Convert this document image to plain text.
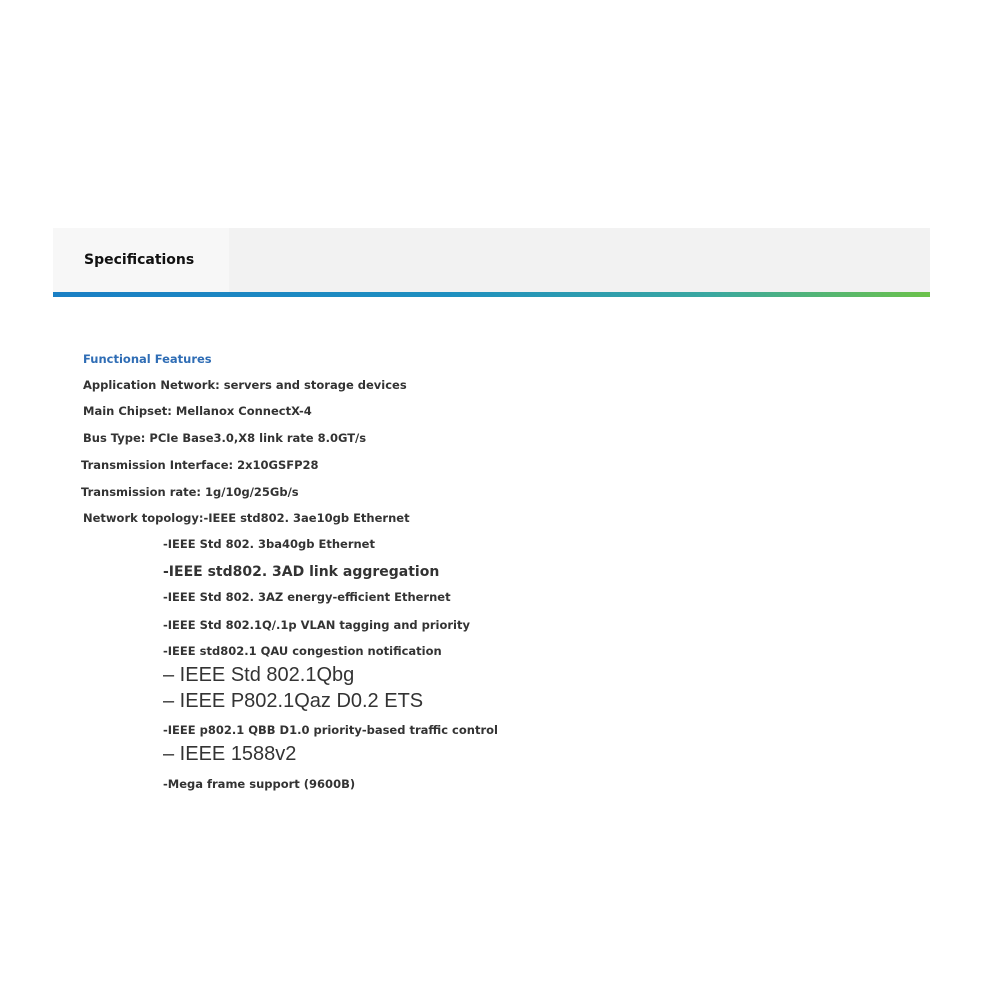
Specifications
Functional Features
Application Network: servers and storage devices
Main Chipset: Mellanox ConnectX-4
Bus Type: PCIe Base3.0,X8 link rate 8.0GT/s
Transmission Interface: 2x10GSFP28
Transmission rate: 1g/10g/25Gb/s
Network topology:-IEEE std802. 3ae10gb Ethernet
-IEEE Std 802. 3ba40gb Ethernet
-IEEE std802. 3AD link aggregation
-IEEE Std 802. 3AZ energy-efficient Ethernet
-IEEE Std 802.1Q/.1p VLAN tagging and priority
-IEEE std802.1 QAU congestion notification
– IEEE Std 802.1Qbg
– IEEE P802.1Qaz D0.2 ETS
-IEEE p802.1 QBB D1.0 priority-based traffic control
– IEEE 1588v2
-Mega frame support (9600B)
